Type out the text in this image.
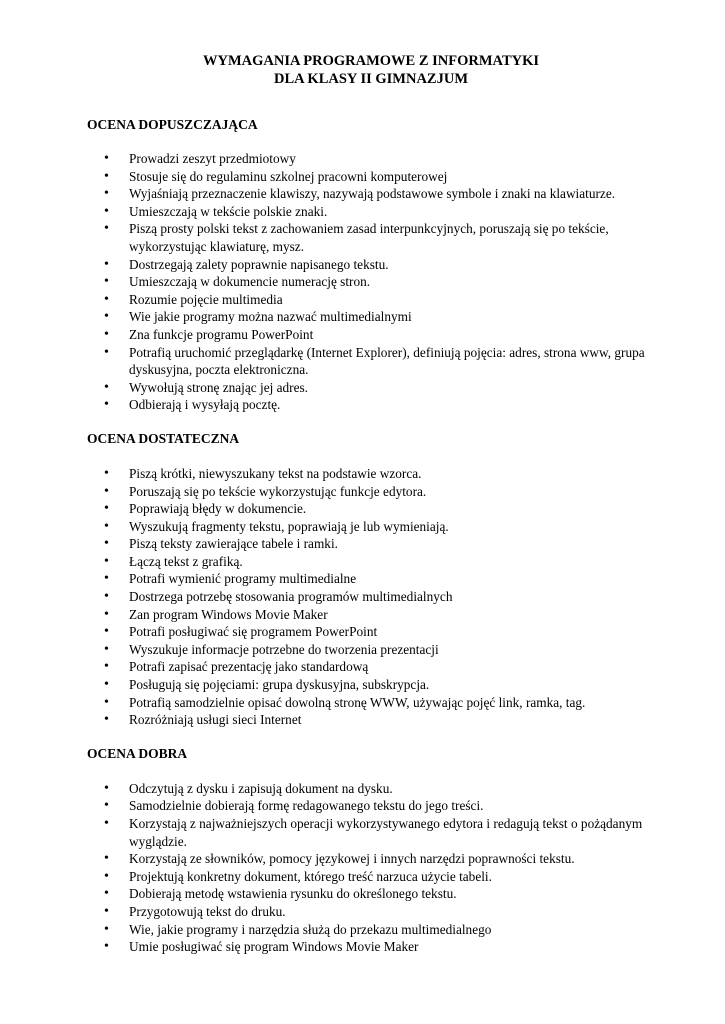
WYMAGANIA PROGRAMOWE Z INFORMATYKI
DLA KLASY II GIMNAZJUM
OCENA DOPUSZCZAJĄCA
• Prowadzi zeszyt przedmiotowy
• Stosuje się do regulaminu szkolnej pracowni komputerowej
• Wyjaśniają przeznaczenie klawiszy, nazywają podstawowe symbole i znaki na klawiaturze.
• Umieszczają w tekście polskie znaki.
• Piszą prosty polski tekst z zachowaniem zasad interpunkcyjnych, poruszają się po tekście, wykorzystując klawiaturę, mysz.
• Dostrzegają zalety poprawnie napisanego tekstu.
• Umieszczają w dokumencie numerację stron.
• Rozumie pojęcie multimedia
• Wie jakie programy można nazwać multimedialnymi
• Zna funkcje programu PowerPoint
• Potrafią uruchomić przeglądarkę (Internet Explorer), definiują pojęcia: adres, strona www, grupa dyskusyjna, poczta elektroniczna.
• Wywołują stronę znając jej adres.
• Odbierają i wysyłają pocztę.
OCENA DOSTATECZNA
• Piszą krótki, niewyszukany tekst na podstawie wzorca.
• Poruszają się po tekście wykorzystując funkcje edytora.
• Poprawiają błędy w dokumencie.
• Wyszukują fragmenty tekstu, poprawiają je lub wymieniają.
• Piszą teksty zawierające tabele i ramki.
• Łączą tekst z grafiką.
• Potrafi wymienić programy multimedialne
• Dostrzega potrzebę stosowania programów multimedialnych
• Zan program Windows Movie Maker
• Potrafi posługiwać się programem PowerPoint
• Wyszukuje informacje potrzebne do tworzenia prezentacji
• Potrafi zapisać prezentację jako standardową
• Posługują się pojęciami: grupa dyskusyjna, subskrypcja.
• Potrafią samodzielnie opisać dowolną stronę WWW, używając pojęć link, ramka, tag.
• Rozróżniają usługi sieci Internet
OCENA DOBRA
• Odczytują z dysku i zapisują dokument na dysku.
• Samodzielnie dobierają formę redagowanego tekstu do jego treści.
• Korzystają z najważniejszych operacji wykorzystywanego edytora i redagują tekst o pożądanym wyglądzie.
• Korzystają ze słowników, pomocy językowej i innych narzędzi poprawności tekstu.
• Projektują konkretny dokument, którego treść narzuca użycie tabeli.
• Dobierają metodę wstawienia rysunku do określonego tekstu.
• Przygotowują tekst do druku.
• Wie, jakie programy i narzędzia służą do przekazu multimedialnego
• Umie posługiwać się program Windows Movie Maker
